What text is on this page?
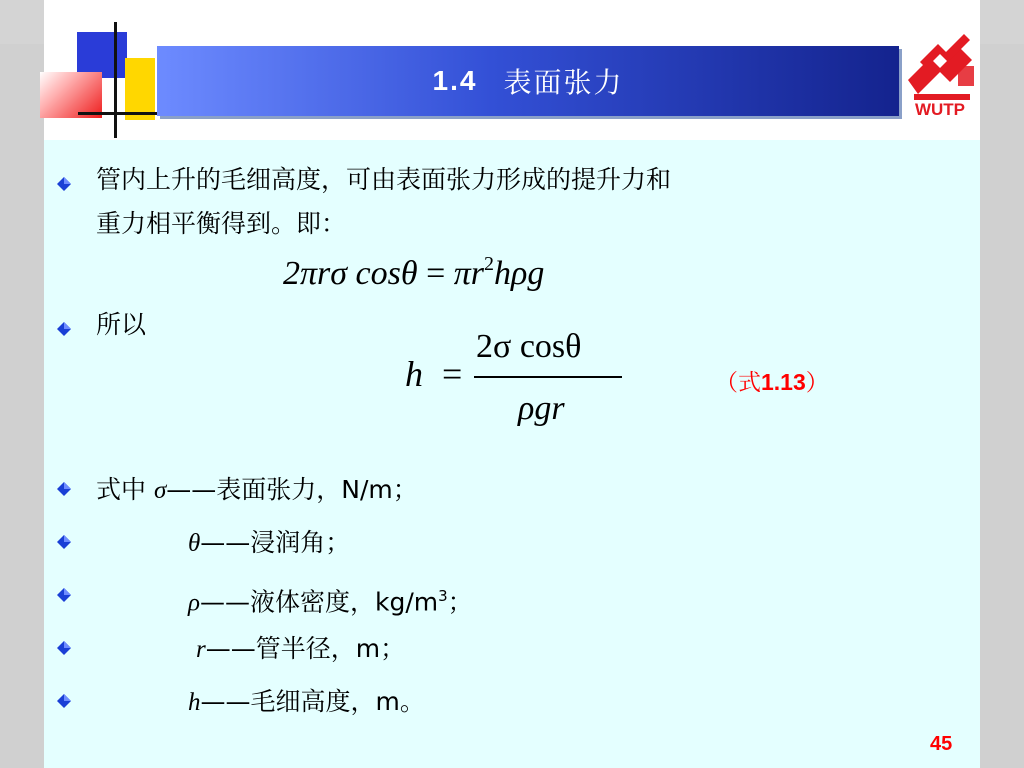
1.4 表面张力
WUTP
管内上升的毛细高度，可由表面张力形成的提升力和
重力相平衡得到。即：
2πrσ $\cos\theta = \pi r^2h\rho g$
所以
h =
2σ cosθ
ρgr
（式1.13）
式中 σ——表面张力，N/m；
θ——浸润角；
ρ——液体密度，$kg/m^3$；
r——管半径，m；
h——毛细高度，m。
45
